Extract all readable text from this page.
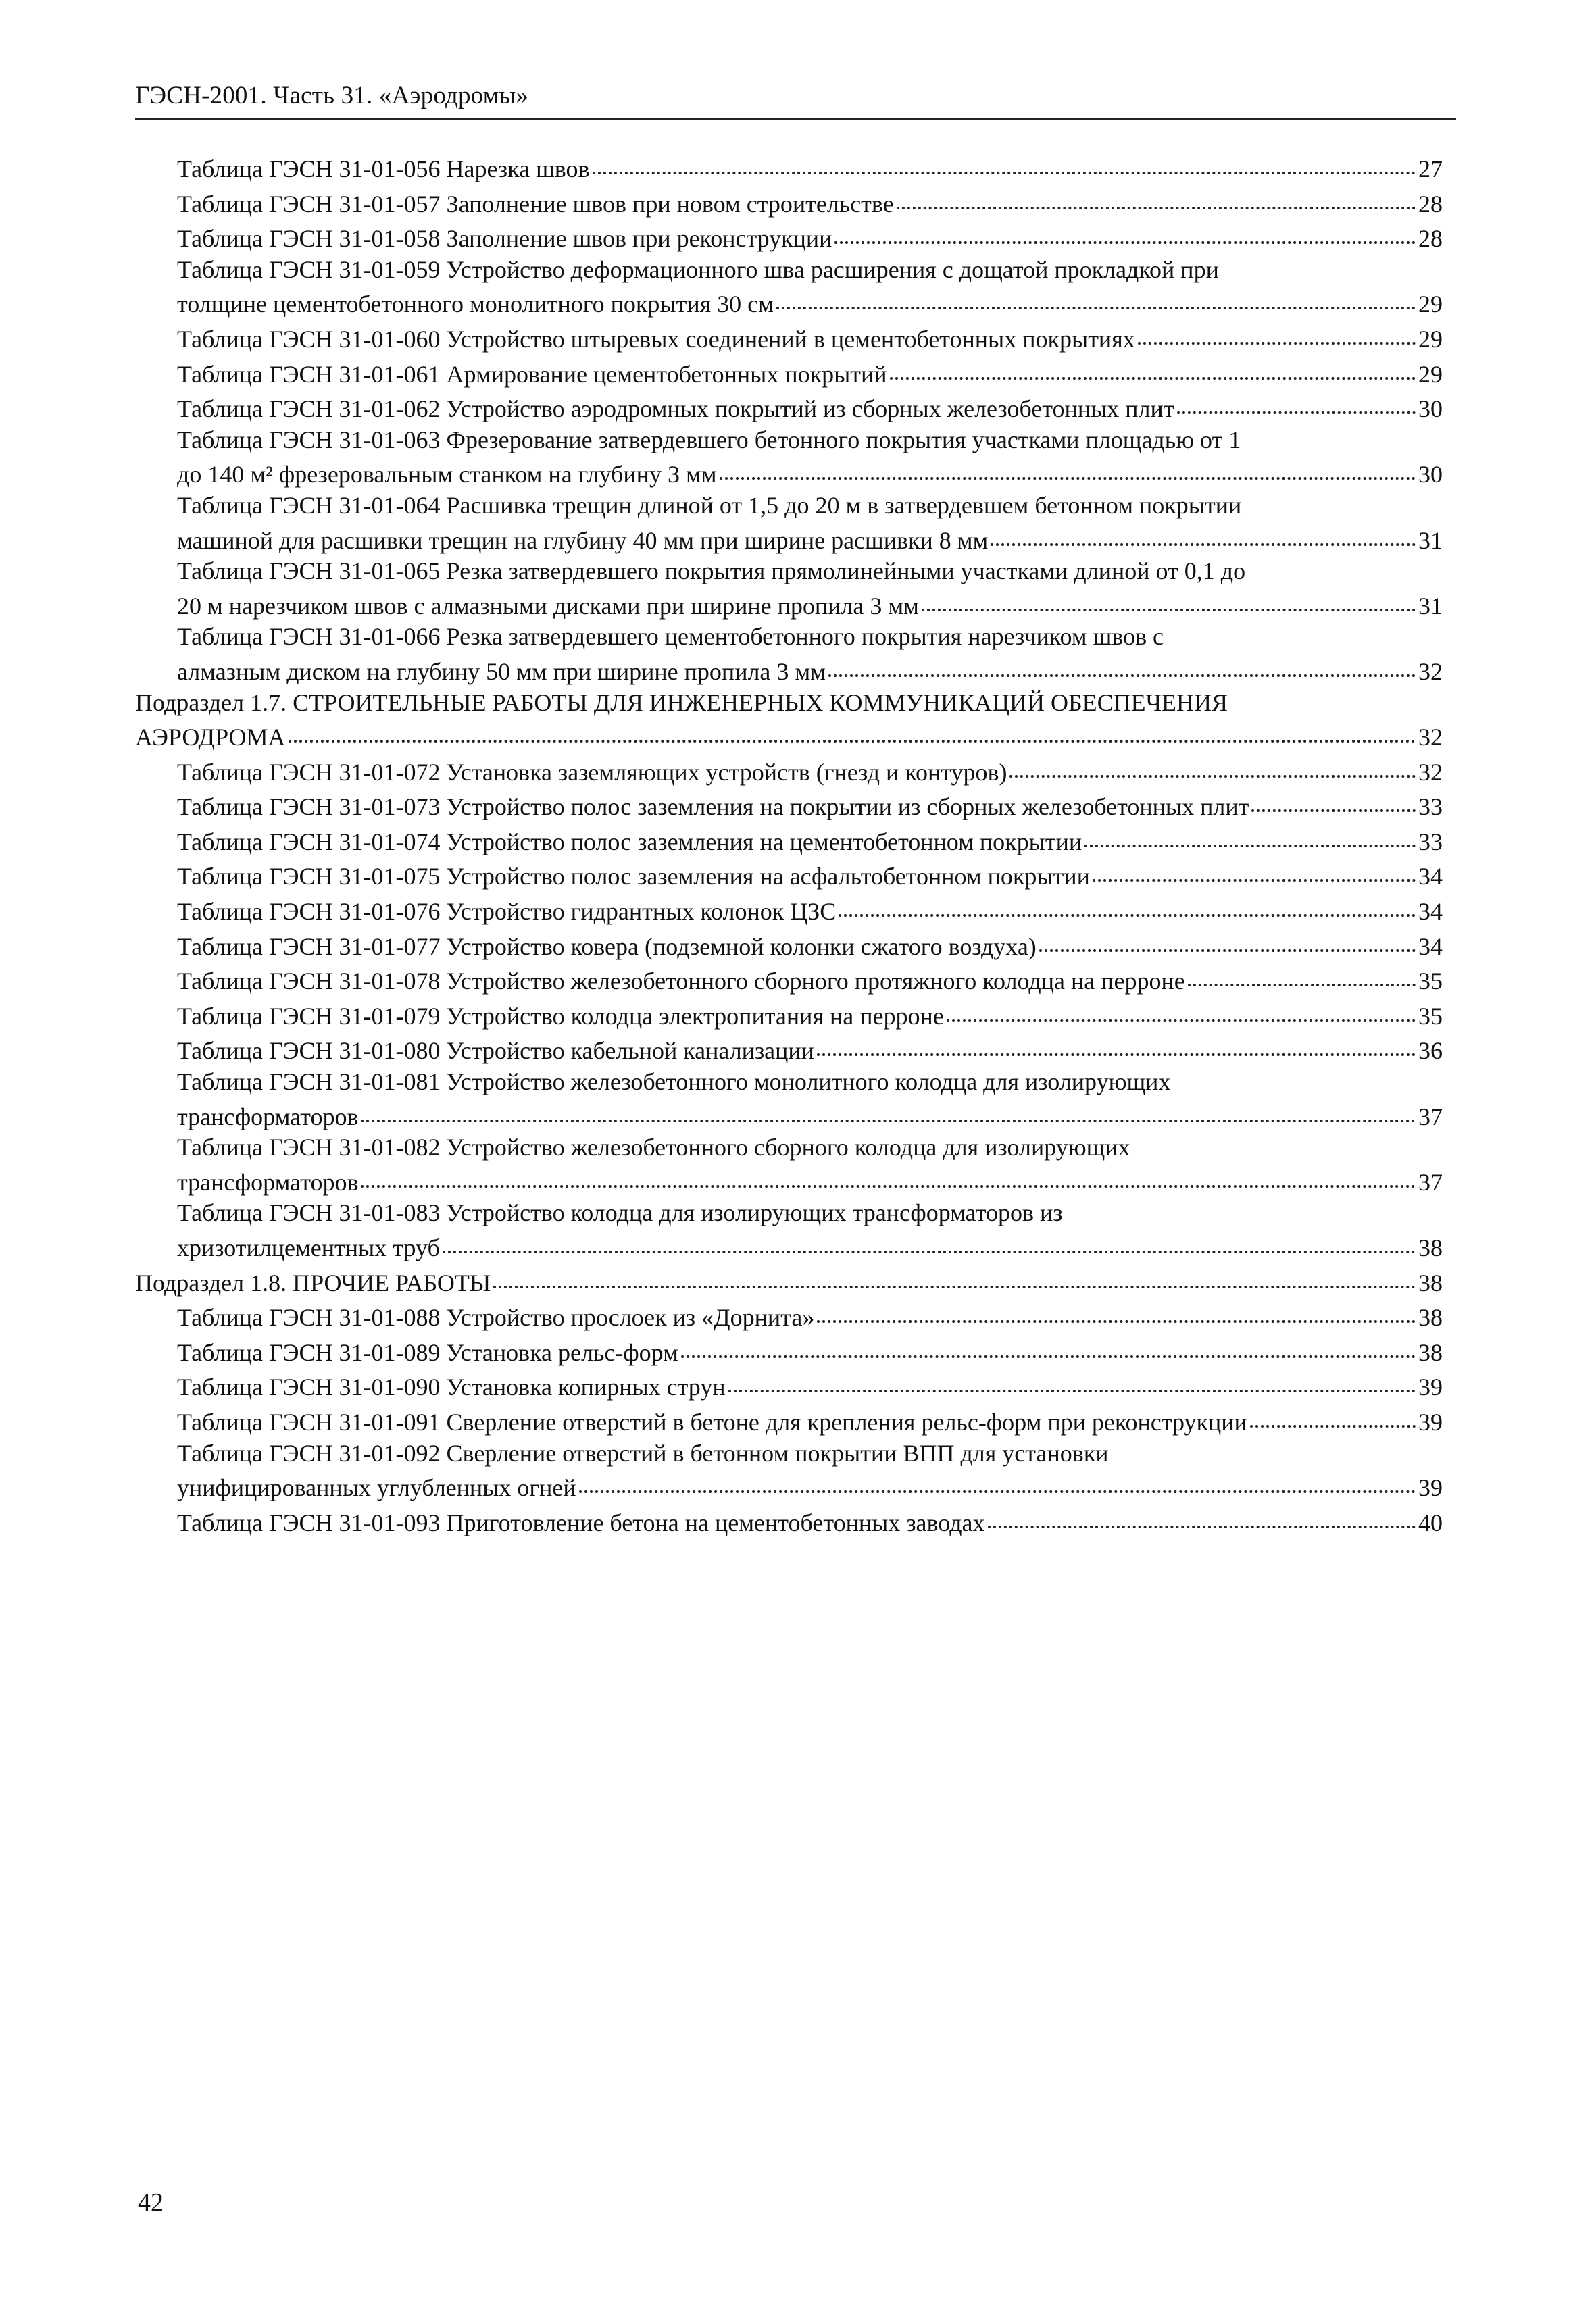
ГЭСН-2001. Часть 31. «Аэродромы»
Таблица ГЭСН 31-01-056 Нарезка швов	27
Таблица ГЭСН 31-01-057 Заполнение швов при новом строительстве	28
Таблица ГЭСН 31-01-058 Заполнение швов при реконструкции	28
Таблица ГЭСН 31-01-059 Устройство деформационного шва расширения с дощатой прокладкой при
толщине цементобетонного монолитного покрытия 30 см	29
Таблица ГЭСН 31-01-060 Устройство штыревых соединений в цементобетонных покрытиях	29
Таблица ГЭСН 31-01-061 Армирование цементобетонных покрытий	29
Таблица ГЭСН 31-01-062 Устройство аэродромных покрытий из сборных железобетонных плит	30
Таблица ГЭСН 31-01-063 Фрезерование затвердевшего бетонного покрытия участками площадью от 1
до 140 м² фрезеровальным станком на глубину 3 мм	30
Таблица ГЭСН 31-01-064 Расшивка трещин длиной от 1,5 до 20 м в затвердевшем бетонном покрытии
машиной для расшивки трещин на глубину 40 мм при ширине расшивки 8 мм	31
Таблица ГЭСН 31-01-065 Резка затвердевшего покрытия прямолинейными участками длиной от 0,1 до
20 м нарезчиком швов с алмазными дисками при ширине пропила 3 мм	31
Таблица ГЭСН 31-01-066 Резка затвердевшего цементобетонного покрытия нарезчиком швов с
алмазным диском на глубину 50 мм при ширине пропила 3 мм	32
Подраздел 1.7. СТРОИТЕЛЬНЫЕ РАБОТЫ ДЛЯ ИНЖЕНЕРНЫХ КОММУНИКАЦИЙ ОБЕСПЕЧЕНИЯ
АЭРОДРОМА	32
Таблица ГЭСН 31-01-072 Установка заземляющих устройств (гнезд и контуров)	32
Таблица ГЭСН 31-01-073 Устройство полос заземления на покрытии из сборных железобетонных плит	33
Таблица ГЭСН 31-01-074 Устройство полос заземления на цементобетонном покрытии	33
Таблица ГЭСН 31-01-075 Устройство полос заземления на асфальтобетонном покрытии	34
Таблица ГЭСН 31-01-076 Устройство гидрантных колонок ЦЗС	34
Таблица ГЭСН 31-01-077 Устройство ковера (подземной колонки сжатого воздуха)	34
Таблица ГЭСН 31-01-078 Устройство железобетонного сборного протяжного колодца на перроне	35
Таблица ГЭСН 31-01-079 Устройство колодца электропитания на перроне	35
Таблица ГЭСН 31-01-080 Устройство кабельной канализации	36
Таблица ГЭСН 31-01-081 Устройство железобетонного монолитного колодца для изолирующих
трансформаторов	37
Таблица ГЭСН 31-01-082 Устройство железобетонного сборного колодца для изолирующих
трансформаторов	37
Таблица ГЭСН 31-01-083 Устройство колодца для изолирующих трансформаторов из
хризотилцементных труб	38
Подраздел 1.8. ПРОЧИЕ РАБОТЫ	38
Таблица ГЭСН 31-01-088 Устройство прослоек из «Дорнита»	38
Таблица ГЭСН 31-01-089 Установка рельс-форм	38
Таблица ГЭСН 31-01-090 Установка копирных струн	39
Таблица ГЭСН 31-01-091 Сверление отверстий в бетоне для крепления рельс-форм при реконструкции	39
Таблица ГЭСН 31-01-092 Сверление отверстий в бетонном покрытии ВПП для установки
унифицированных углубленных огней	39
Таблица ГЭСН 31-01-093 Приготовление бетона на цементобетонных заводах	40
42
